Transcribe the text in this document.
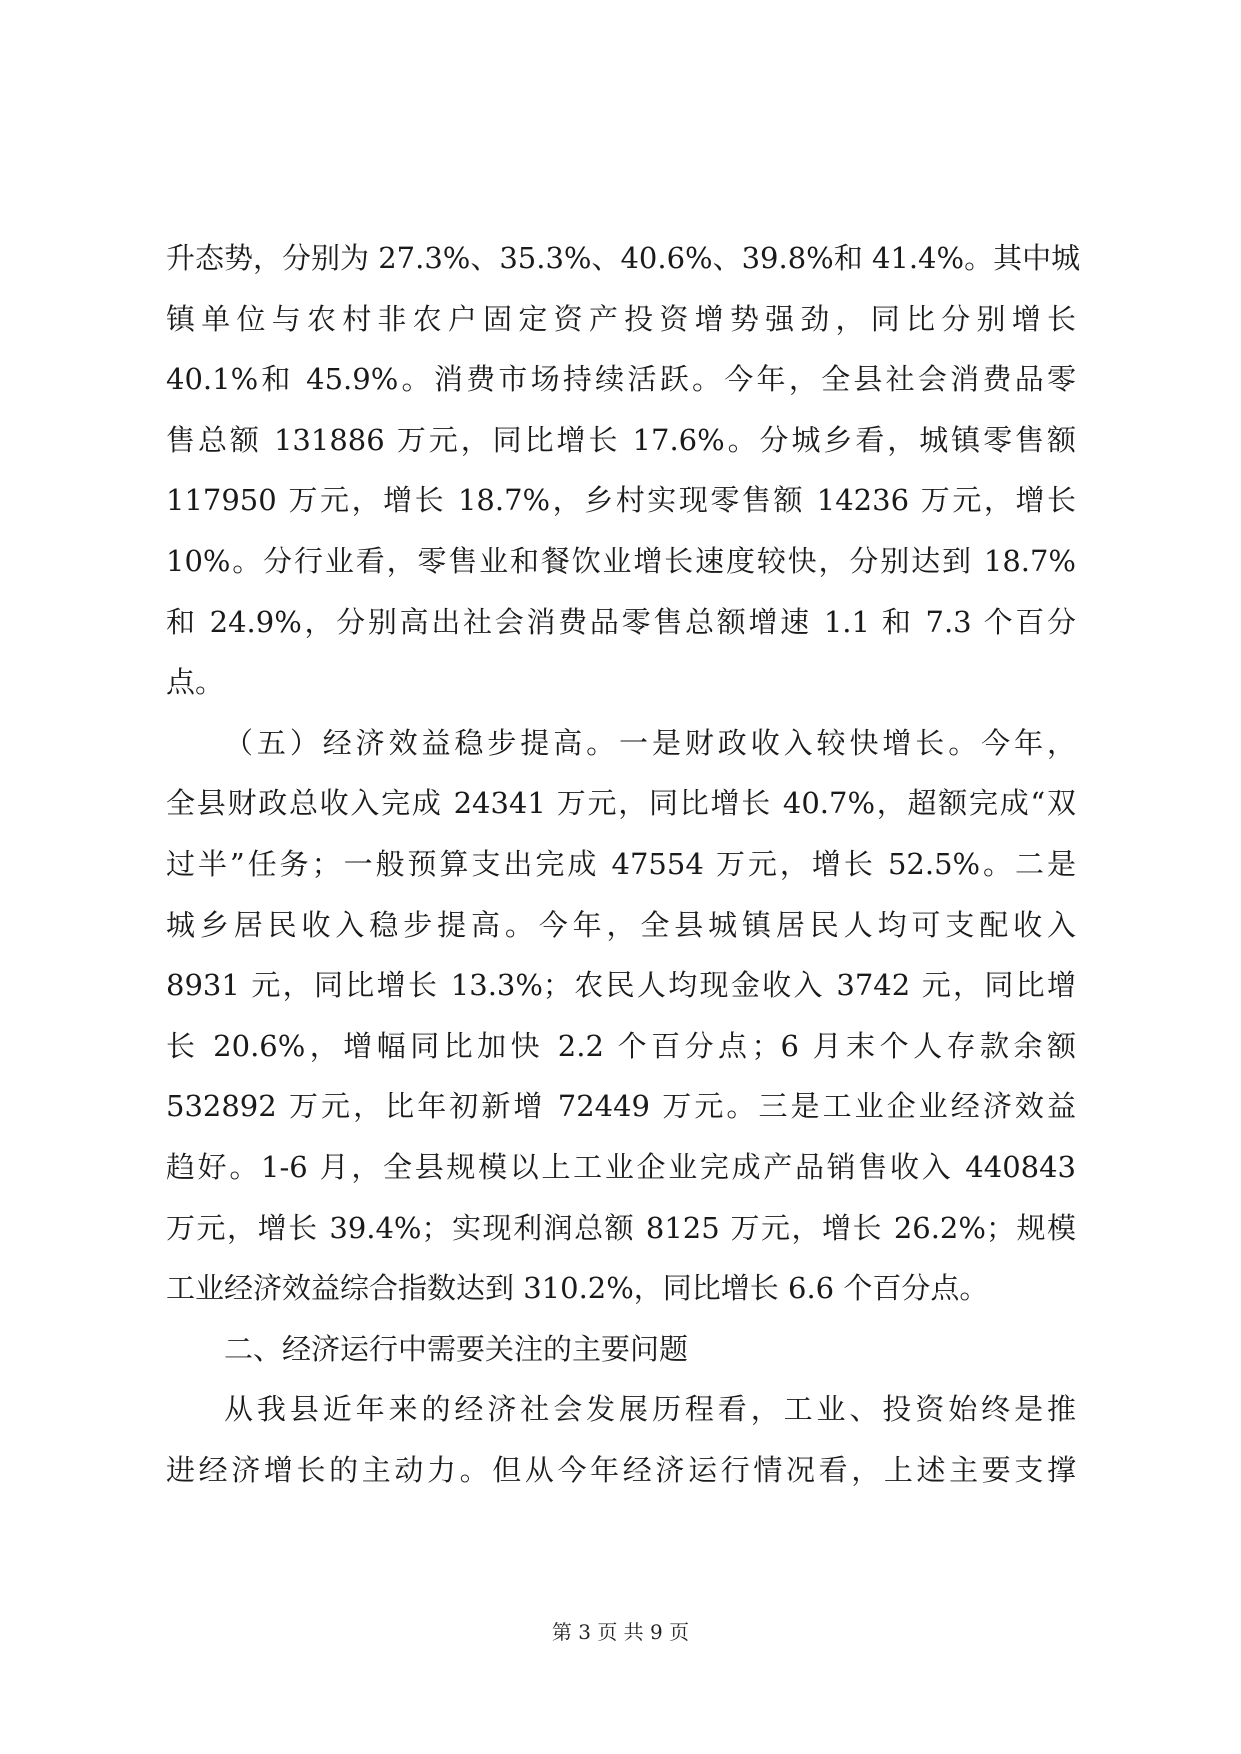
升态势，分别为 27.3%、35.3%、40.6%、39.8%和 41.4%。其中城
镇单位与农村非农户固定资产投资增势强劲，同比分别增长
40.1%和 45.9%。消费市场持续活跃。今年，全县社会消费品零
售总额 131886 万元，同比增长 17.6%。分城乡看，城镇零售额
117950 万元，增长 18.7%，乡村实现零售额 14236 万元，增长
10%。分行业看，零售业和餐饮业增长速度较快，分别达到 18.7%
和 24.9%，分别高出社会消费品零售总额增速 1.1 和 7.3 个百分
点。
（五）经济效益稳步提高。一是财政收入较快增长。今年，
全县财政总收入完成 24341 万元，同比增长 40.7%，超额完成“双
过半”任务；一般预算支出完成 47554 万元，增长 52.5%。二是
城乡居民收入稳步提高。今年，全县城镇居民人均可支配收入
8931 元，同比增长 13.3%；农民人均现金收入 3742 元，同比增
长 20.6%，增幅同比加快 2.2 个百分点；6 月末个人存款余额
532892 万元，比年初新增 72449 万元。三是工业企业经济效益
趋好。1-6 月，全县规模以上工业企业完成产品销售收入 440843
万元，增长 39.4%；实现利润总额 8125 万元，增长 26.2%；规模
工业经济效益综合指数达到 310.2%，同比增长 6.6 个百分点。
二、经济运行中需要关注的主要问题
从我县近年来的经济社会发展历程看，工业、投资始终是推
进经济增长的主动力。但从今年经济运行情况看，上述主要支撑
第 3 页 共 9 页
